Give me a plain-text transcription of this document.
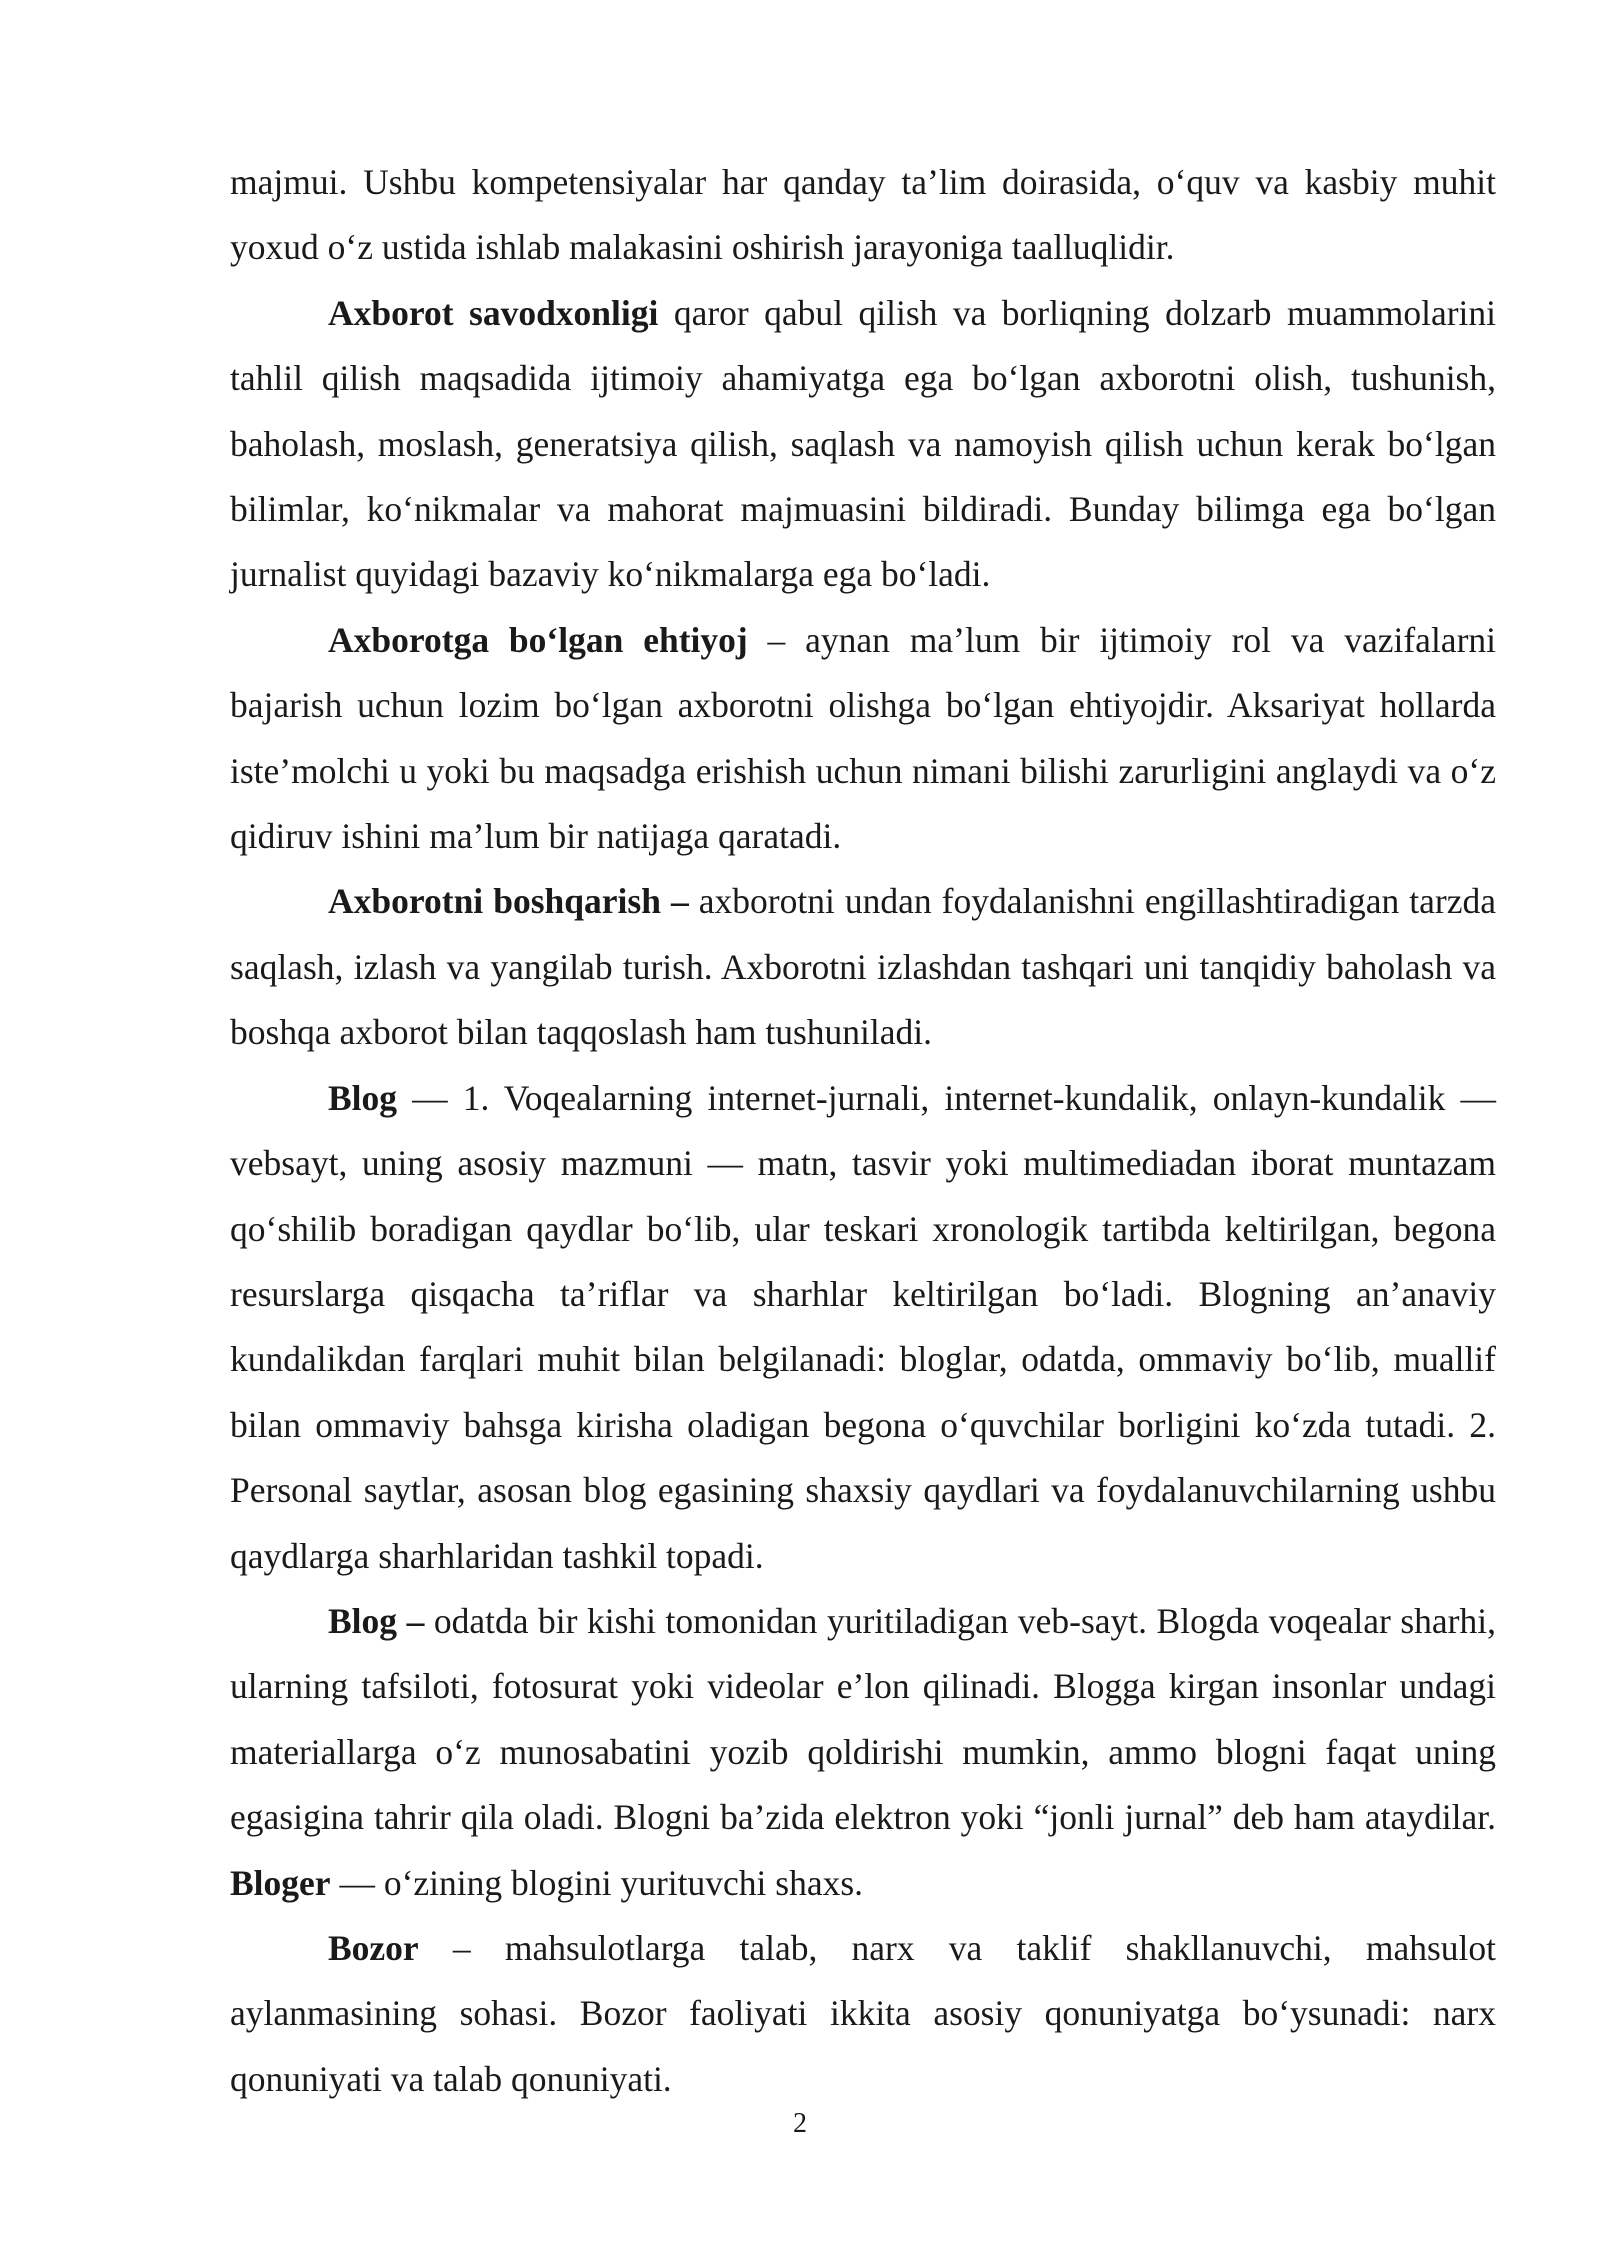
majmui. Ushbu kompetensiyalar har qanday ta’lim doirasida, o‘quv va kasbiy muhit yoxud o‘z ustida ishlab malakasini oshirish jarayoniga taalluqlidir.

Axborot savodxonligi qaror qabul qilish va borliqning dolzarb muammolarini tahlil qilish maqsadida ijtimoiy ahamiyatga ega bo‘lgan axborotni olish, tushunish, baholash, moslash, generatsiya qilish, saqlash va namoyish qilish uchun kerak bo‘lgan bilimlar, ko‘nikmalar va mahorat majmuasini bildiradi. Bunday bilimga ega bo‘lgan jurnalist quyidagi bazaviy ko‘nikmalarga ega bo‘ladi.

Axborotga bo‘lgan ehtiyoj – aynan ma’lum bir ijtimoiy rol va vazifalarni bajarish uchun lozim bo‘lgan axborotni olishga bo‘lgan ehtiyojdir. Aksariyat hollarda iste’molchi u yoki bu maqsadga erishish uchun nimani bilishi zarurligini anglaydi va o‘z qidiruv ishini ma’lum bir natijaga qaratadi.

Axborotni boshqarish – axborotni undan foydalanishni engillashtiradigan tarzda saqlash, izlash va yangilab turish. Axborotni izlashdan tashqari uni tanqidiy baholash va boshqa axborot bilan taqqoslash ham tushuniladi.

Blog — 1. Voqealarning internet-jurnali, internet-kundalik, onlayn-kundalik — vebsayt, uning asosiy mazmuni — matn, tasvir yoki multimediadan iborat muntazam qo‘shilib boradigan qaydlar bo‘lib, ular teskari xronologik tartibda keltirilgan, begona resurslarga qisqacha ta’riflar va sharhlar keltirilgan bo‘ladi. Blogning an’anaviy kundalikdan farqlari muhit bilan belgilanadi: bloglar, odatda, ommaviy bo‘lib, muallif bilan ommaviy bahsga kirisha oladigan begona o‘quvchilar borligini ko‘zda tutadi. 2. Personal saytlar, asosan blog egasining shaxsiy qaydlari va foydalanuvchilarning ushbu qaydlarga sharhlaridan tashkil topadi.

Blog – odatda bir kishi tomonidan yuritiladigan veb-sayt. Blogda voqealar sharhi, ularning tafsiloti, fotosurat yoki videolar e’lon qilinadi. Blogga kirgan insonlar undagi materiallarga o‘z munosabatini yozib qoldirishi mumkin, ammo blogni faqat uning egasigina tahrir qila oladi. Blogni ba’zida elektron yoki “jonli jurnal” deb ham ataydilar. Bloger — o‘zining blogini yurituvchi shaxs.

Bozor – mahsulotlarga talab, narx va taklif shakllanuvchi, mahsulot aylanmasining sohasi. Bozor faoliyati ikkita asosiy qonuniyatga bo‘ysunadi: narx qonuniyati va talab qonuniyati.

2
